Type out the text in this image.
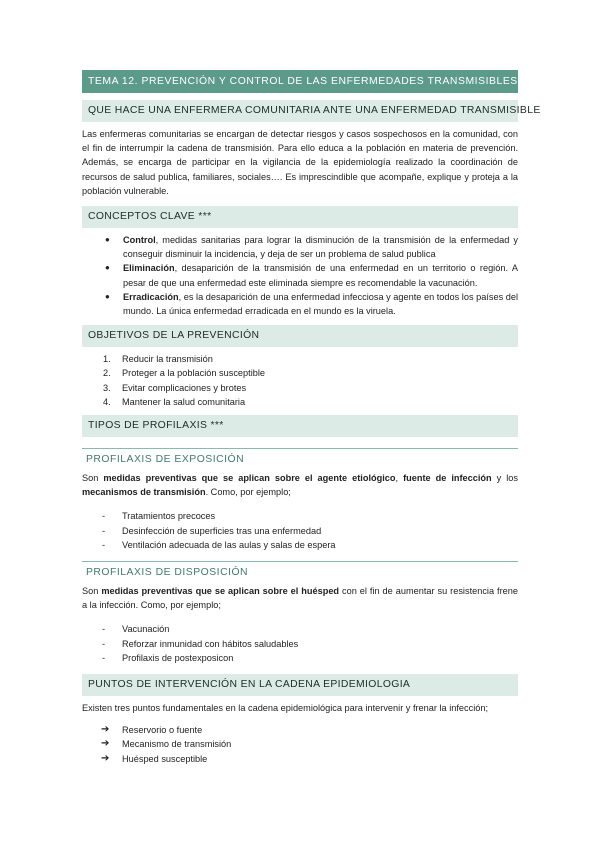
TEMA 12. PREVENCIÓN Y CONTROL DE LAS ENFERMEDADES TRANSMISIBLES
QUE HACE UNA ENFERMERA COMUNITARIA ANTE UNA ENFERMEDAD TRANSMISIBLE

Las enfermeras comunitarias se encargan de detectar riesgos y casos sospechosos en la comunidad, con el fin de interrumpir la cadena de transmisión. Para ello educa a la población en materia de prevención. Además, se encarga de participar en la vigilancia de la epidemiología realizado la coordinación de recursos de salud publica, familiares, sociales…. Es imprescindible que acompañe, explique y proteja a la población vulnerable.

CONCEPTOS CLAVE ***
● Control, medidas sanitarias para lograr la disminución de la transmisión de la enfermedad y conseguir disminuir la incidencia, y deja de ser un problema de salud publica
● Eliminación, desaparición de la transmisión de una enfermedad en un territorio o región. A pesar de que una enfermedad este eliminada siempre es recomendable la vacunación.
● Erradicación, es la desaparición de una enfermedad infecciosa y agente en todos los países del mundo. La única enfermedad erradicada en el mundo es la viruela.
OBJETIVOS DE LA PREVENCIÓN
1. Reducir la transmisión
2. Proteger a la población susceptible
3. Evitar complicaciones y brotes
4. Mantener la salud comunitaria
TIPOS DE PROFILAXIS ***
PROFILAXIS DE EXPOSICIÓN

Son medidas preventivas que se aplican sobre el agente etiológico, fuente de infección y los mecanismos de transmisión. Como, por ejemplo;

- Tratamientos precoces
- Desinfección de superficies tras una enfermedad
- Ventilación adecuada de las aulas y salas de espera
PROFILAXIS DE DISPOSICIÓN

Son medidas preventivas que se aplican sobre el huésped con el fin de aumentar su resistencia frene a la infección. Como, por ejemplo;

- Vacunación
- Reforzar inmunidad con hábitos saludables
- Profilaxis de postexposicon
PUNTOS DE INTERVENCIÓN EN LA CADENA EPIDEMIOLOGIA

Existen tres puntos fundamentales en la cadena epidemiológica para intervenir y frenar la infección;

➔ Reservorio o fuente
➔ Mecanismo de transmisión
➔ Huésped susceptible
